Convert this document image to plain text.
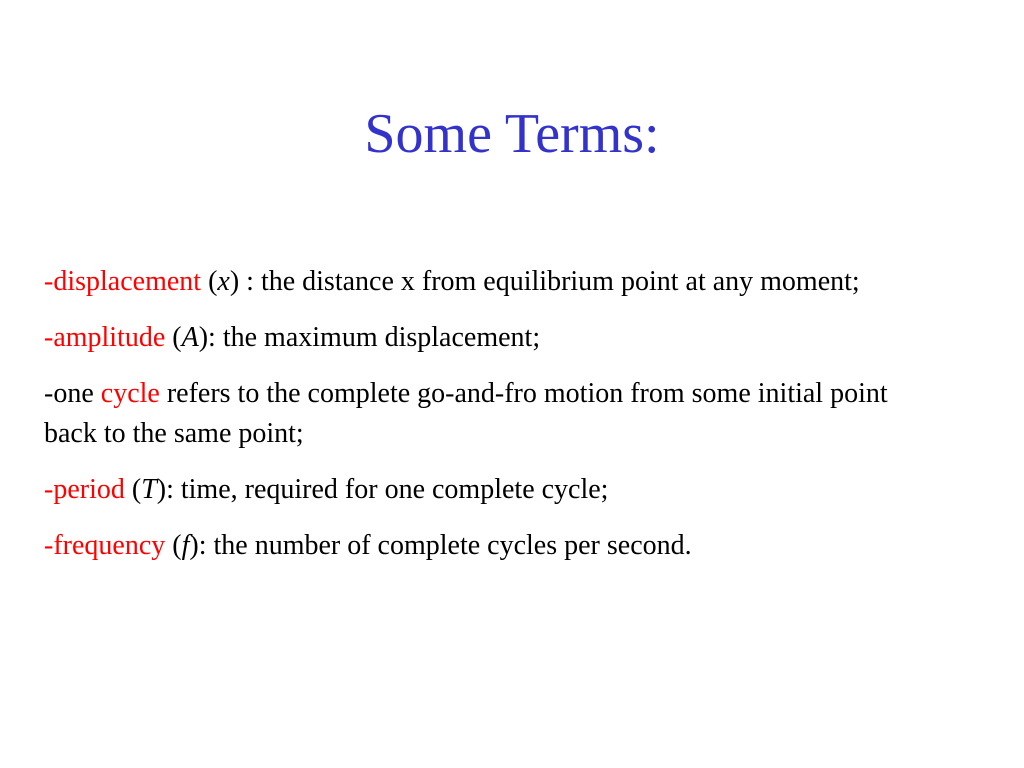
Some Terms:

-displacement (x) : the distance x from equilibrium point at any moment;

-amplitude (A): the maximum displacement;

-one cycle refers to the complete go-and-fro motion from some initial point back to the same point;

-period (T): time, required for one complete cycle;

-frequency (f): the number of complete cycles per second.
